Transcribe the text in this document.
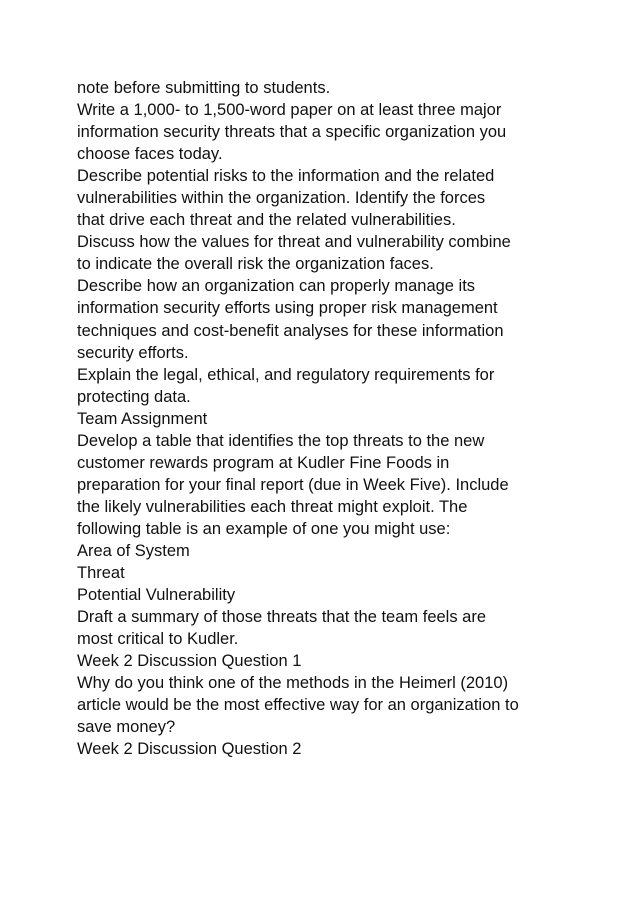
note before submitting to students.
Write a 1,000- to 1,500-word paper on at least three major
information security threats that a specific organization you
choose faces today.
Describe potential risks to the information and the related
vulnerabilities within the organization. Identify the forces
that drive each threat and the related vulnerabilities.
Discuss how the values for threat and vulnerability combine
to indicate the overall risk the organization faces.
Describe how an organization can properly manage its
information security efforts using proper risk management
techniques and cost-benefit analyses for these information
security efforts.
Explain the legal, ethical, and regulatory requirements for
protecting data.
Team Assignment
Develop a table that identifies the top threats to the new
customer rewards program at Kudler Fine Foods in
preparation for your final report (due in Week Five). Include
the likely vulnerabilities each threat might exploit. The
following table is an example of one you might use:
Area of System
Threat
Potential Vulnerability
Draft a summary of those threats that the team feels are
most critical to Kudler.
Week 2 Discussion Question 1
Why do you think one of the methods in the Heimerl (2010)
article would be the most effective way for an organization to
save money?
Week 2 Discussion Question 2
